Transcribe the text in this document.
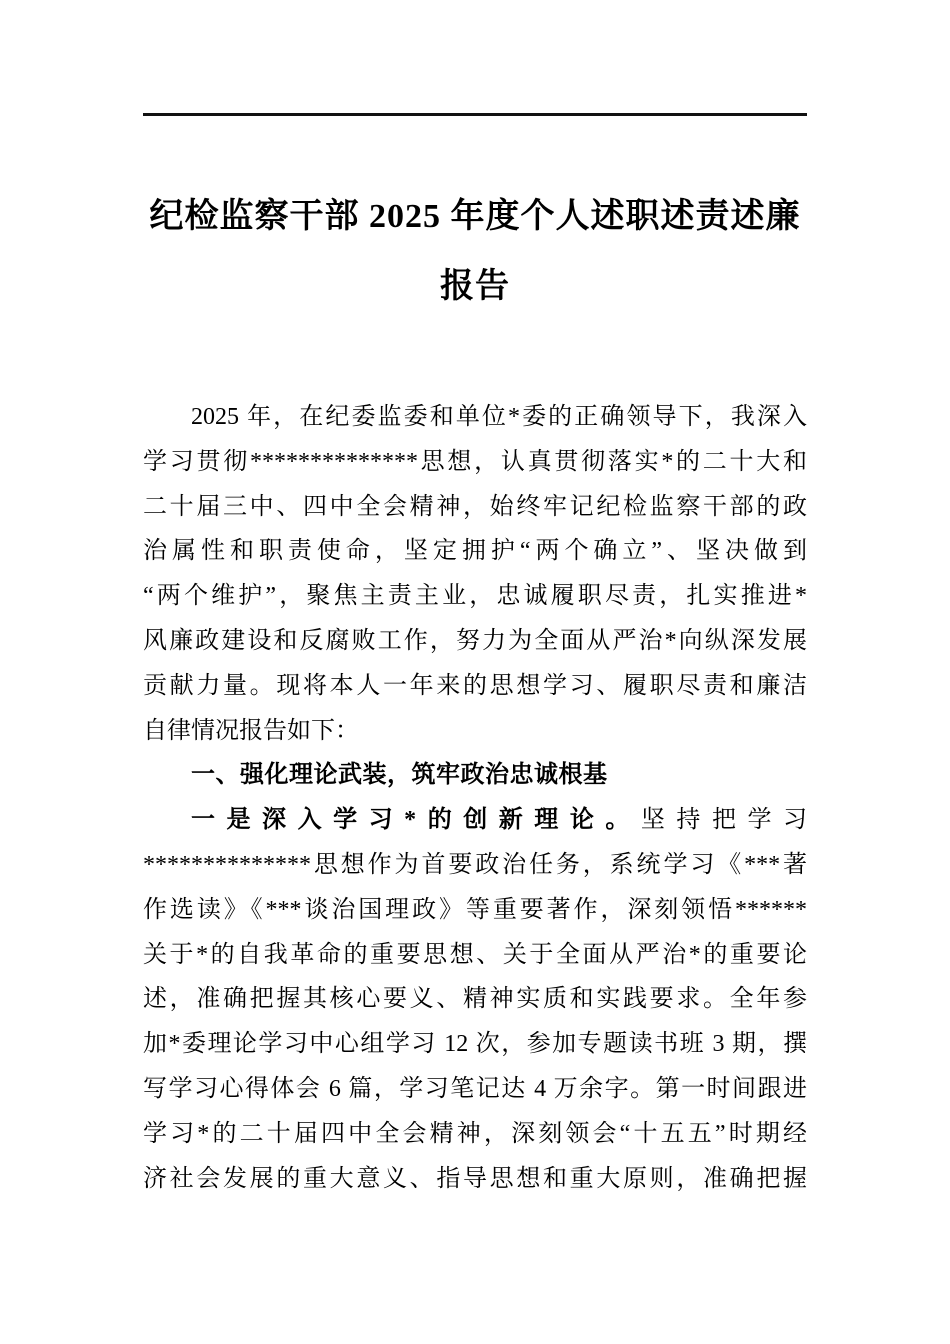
纪检监察干部 2025 年度个人述职述责述廉
报告
2025 年，在纪委监委和单位*委的正确领导下，我深入
学习贯彻**************思想，认真贯彻落实*的二十大和
二十届三中、四中全会精神，始终牢记纪检监察干部的政
治属性和职责使命，坚定拥护“两个确立”、坚决做到
“两个维护”，聚焦主责主业，忠诚履职尽责，扎实推进*
风廉政建设和反腐败工作，努力为全面从严治*向纵深发展
贡献力量。现将本人一年来的思想学习、履职尽责和廉洁
自律情况报告如下：
一、强化理论武装，筑牢政治忠诚根基
一是深入学习*的创新理论。坚持把学习
**************思想作为首要政治任务，系统学习《***著
作选读》《***谈治国理政》等重要著作，深刻领悟******
关于*的自我革命的重要思想、关于全面从严治*的重要论
述，准确把握其核心要义、精神实质和实践要求。全年参
加*委理论学习中心组学习 12 次，参加专题读书班 3 期，撰
写学习心得体会 6 篇，学习笔记达 4 万余字。第一时间跟进
学习*的二十届四中全会精神，深刻领会“十五五”时期经
济社会发展的重大意义、指导思想和重大原则，准确把握
